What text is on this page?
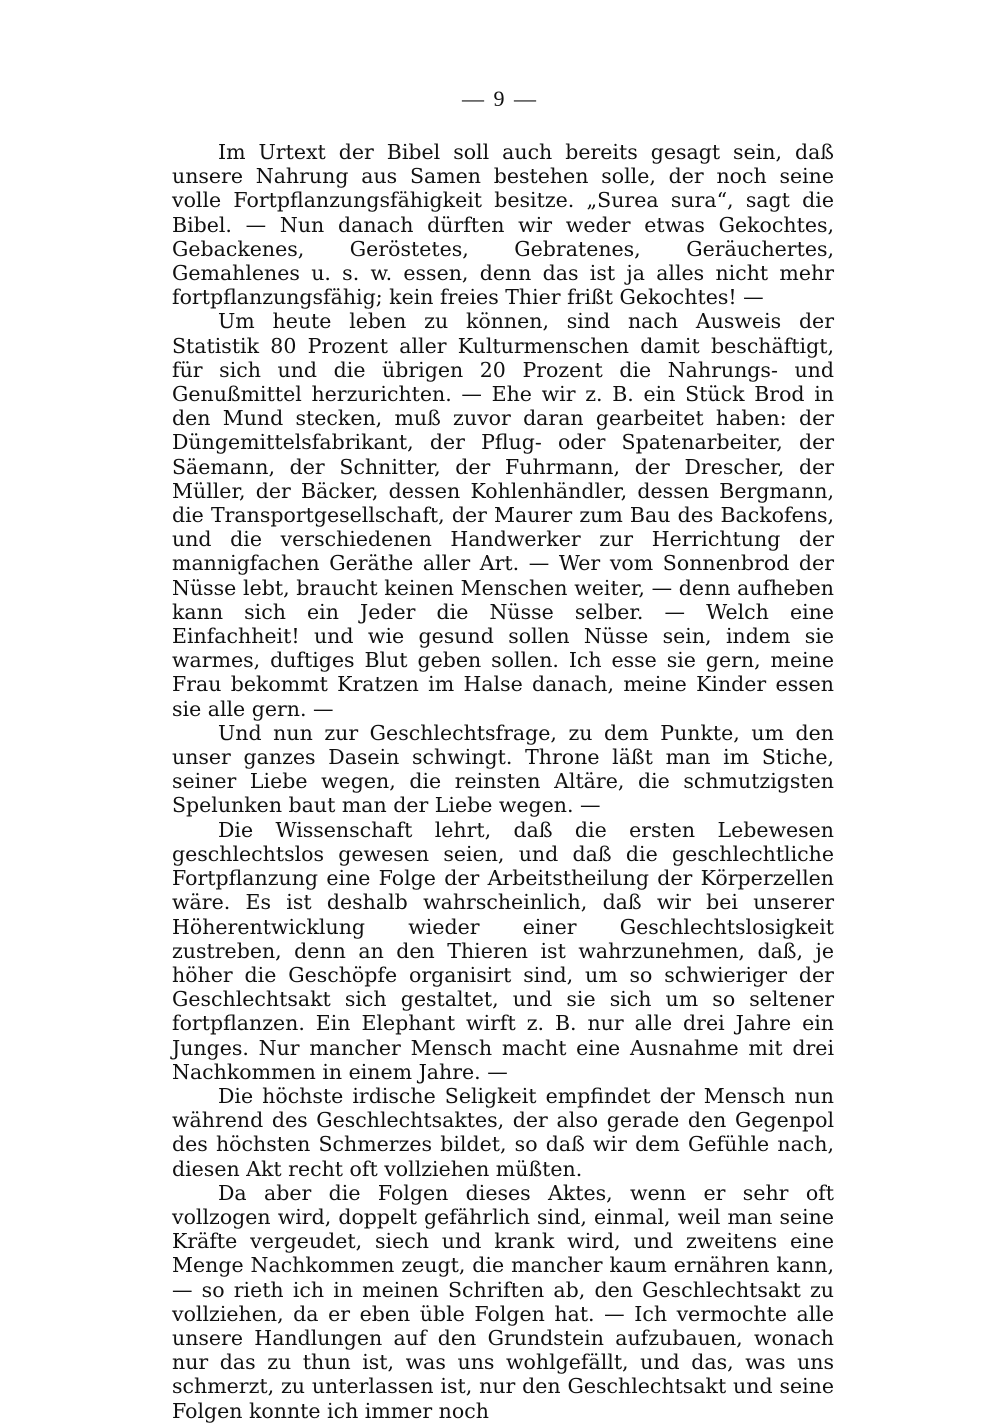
— 9 —

Im Urtext der Bibel soll auch bereits gesagt sein, daß unsere Nahrung aus Samen bestehen solle, der noch seine volle Fortpflanzungsfähigkeit besitze. „Surea sura“, sagt die Bibel. — Nun danach dürften wir weder etwas Gekochtes, Gebackenes, Geröstetes, Gebratenes, Geräuchertes, Gemahlenes u. s. w. essen, denn das ist ja alles nicht mehr fortpflanzungsfähig; kein freies Thier frißt Gekochtes! —

Um heute leben zu können, sind nach Ausweis der Statistik 80 Prozent aller Kulturmenschen damit beschäftigt, für sich und die übrigen 20 Prozent die Nahrungs- und Genußmittel herzurichten. — Ehe wir z. B. ein Stück Brod in den Mund stecken, muß zuvor daran gearbeitet haben: der Düngemittelsfabrikant, der Pflug- oder Spatenarbeiter, der Säemann, der Schnitter, der Fuhrmann, der Drescher, der Müller, der Bäcker, dessen Kohlenhändler, dessen Bergmann, die Transportgesellschaft, der Maurer zum Bau des Backofens, und die verschiedenen Handwerker zur Herrichtung der mannigfachen Geräthe aller Art. — Wer vom Sonnenbrod der Nüsse lebt, braucht keinen Menschen weiter, — denn aufheben kann sich ein Jeder die Nüsse selber. — Welch eine Einfachheit! und wie gesund sollen Nüsse sein, indem sie warmes, duftiges Blut geben sollen. Ich esse sie gern, meine Frau bekommt Kratzen im Halse danach, meine Kinder essen sie alle gern. —

Und nun zur Geschlechtsfrage, zu dem Punkte, um den unser ganzes Dasein schwingt. Throne läßt man im Stiche, seiner Liebe wegen, die reinsten Altäre, die schmutzigsten Spelunken baut man der Liebe wegen. —

Die Wissenschaft lehrt, daß die ersten Lebewesen geschlechtslos gewesen seien, und daß die geschlechtliche Fortpflanzung eine Folge der Arbeitstheilung der Körperzellen wäre. Es ist deshalb wahrscheinlich, daß wir bei unserer Höherentwicklung wieder einer Geschlechtslosigkeit zustreben, denn an den Thieren ist wahrzunehmen, daß, je höher die Geschöpfe organisirt sind, um so schwieriger der Geschlechtsakt sich gestaltet, und sie sich um so seltener fortpflanzen. Ein Elephant wirft z. B. nur alle drei Jahre ein Junges. Nur mancher Mensch macht eine Ausnahme mit drei Nachkommen in einem Jahre. —

Die höchste irdische Seligkeit empfindet der Mensch nun während des Geschlechtsaktes, der also gerade den Gegenpol des höchsten Schmerzes bildet, so daß wir dem Gefühle nach, diesen Akt recht oft vollziehen müßten.

Da aber die Folgen dieses Aktes, wenn er sehr oft vollzogen wird, doppelt gefährlich sind, einmal, weil man seine Kräfte vergeudet, siech und krank wird, und zweitens eine Menge Nachkommen zeugt, die mancher kaum ernähren kann, — so rieth ich in meinen Schriften ab, den Geschlechtsakt zu vollziehen, da er eben üble Folgen hat. — Ich vermochte alle unsere Handlungen auf den Grundstein aufzubauen, wonach nur das zu thun ist, was uns wohlgefällt, und das, was uns schmerzt, zu unterlassen ist, nur den Geschlechtsakt und seine Folgen konnte ich immer noch
